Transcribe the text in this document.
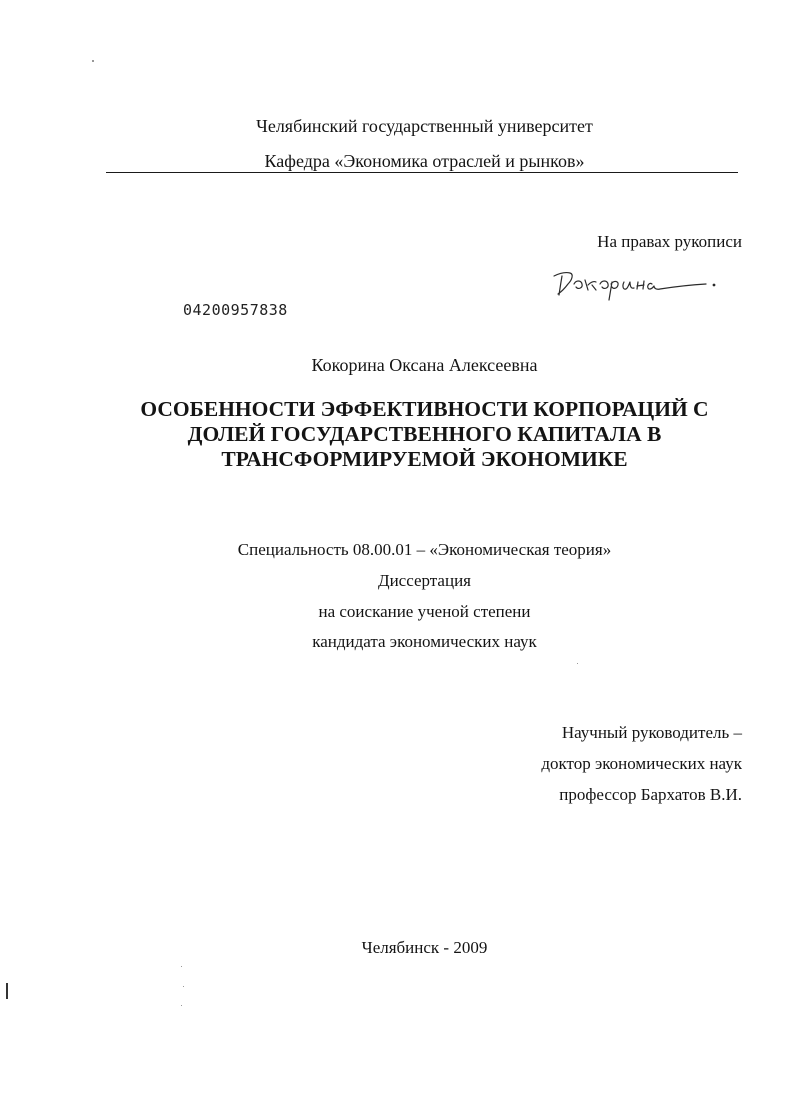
Челябинский государственный университет
Кафедра «Экономика отраслей и рынков»
На правах рукописи
Кокорина
04200957838
Кокорина Оксана Алексеевна
ОСОБЕННОСТИ ЭФФЕКТИВНОСТИ КОРПОРАЦИЙ С
ДОЛЕЙ ГОСУДАРСТВЕННОГО КАПИТАЛА В
ТРАНСФОРМИРУЕМОЙ ЭКОНОМИКЕ
Специальность 08.00.01 – «Экономическая теория»
Диссертация
на соискание ученой степени
кандидата экономических наук
Научный руководитель –
доктор экономических наук
профессор Бархатов В.И.
Челябинск - 2009
